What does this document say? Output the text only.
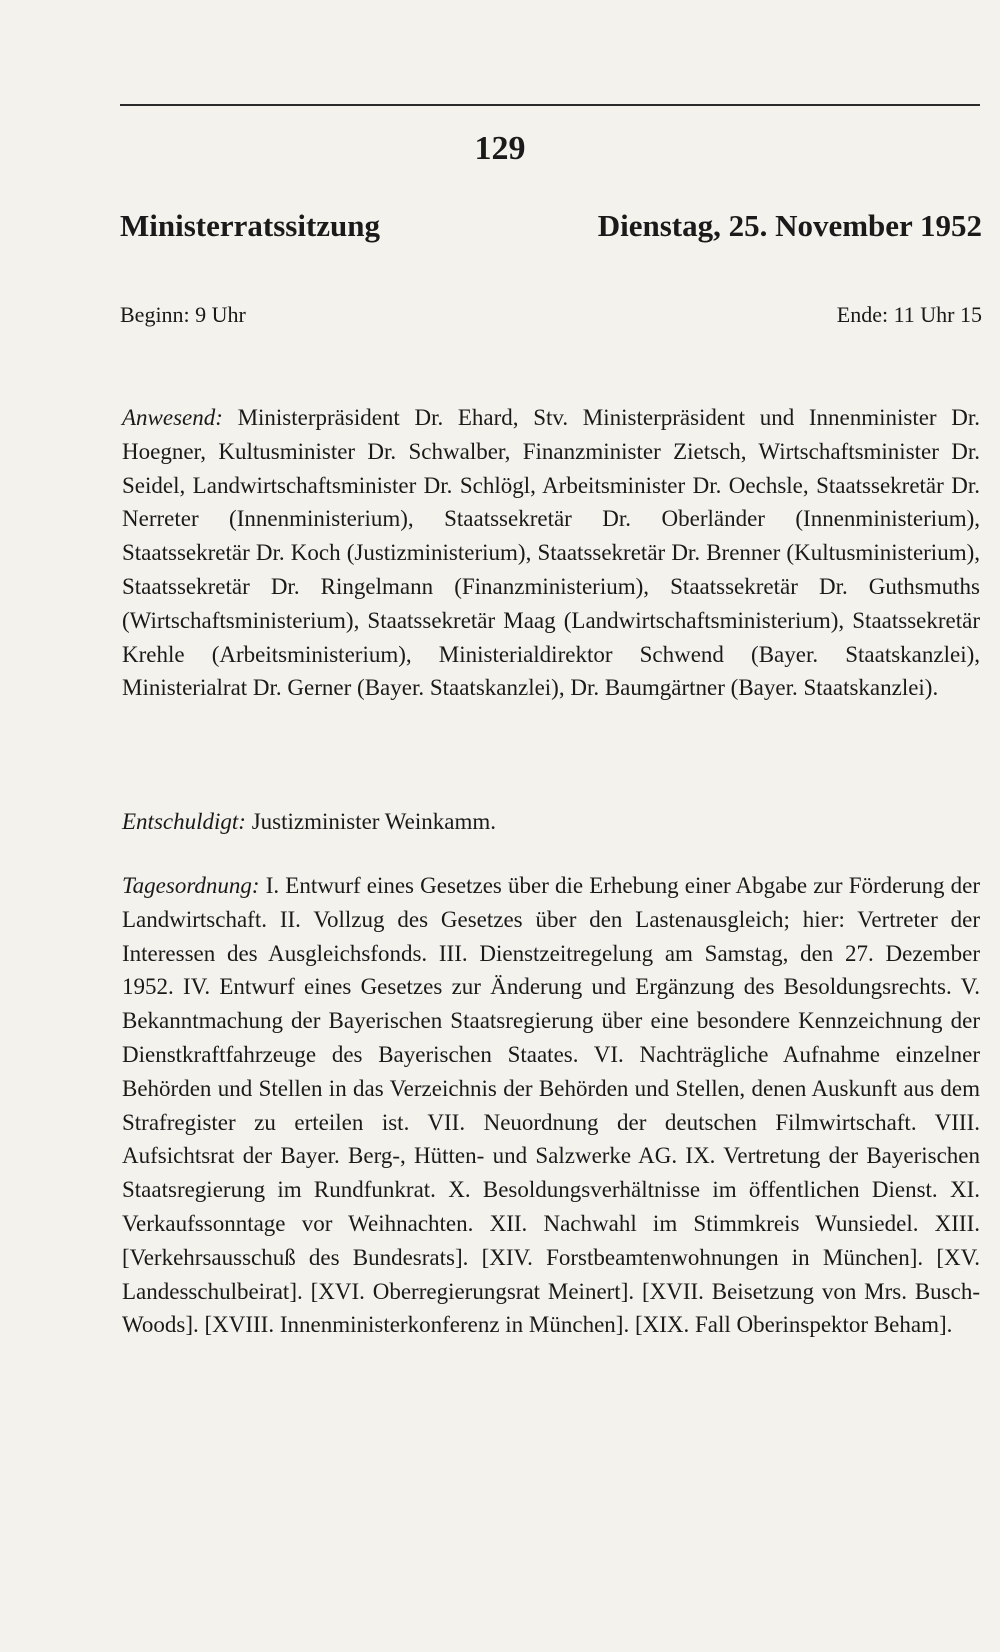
129
Ministerratssitzung	Dienstag, 25. November 1952
Beginn: 9 Uhr	Ende: 11 Uhr 15

Anwesend: Ministerpräsident Dr. Ehard, Stv. Ministerpräsident und Innenminister Dr. Hoegner, Kultusminister Dr. Schwalber, Finanzminister Zietsch, Wirtschaftsminister Dr. Seidel, Landwirtschaftsminister Dr. Schlögl, Arbeitsminister Dr. Oechsle, Staatssekretär Dr. Nerreter (Innenministerium), Staatssekretär Dr. Oberländer (Innenministerium), Staatssekretär Dr. Koch (Justizministerium), Staatssekretär Dr. Brenner (Kultusministerium), Staatssekretär Dr. Ringelmann (Finanzministerium), Staatssekretär Dr. Guthsmuths (Wirtschaftsministerium), Staatssekretär Maag (Landwirtschaftsministerium), Staatssekretär Krehle (Arbeitsministerium), Ministerialdirektor Schwend (Bayer. Staatskanzlei), Ministerialrat Dr. Gerner (Bayer. Staatskanzlei), Dr. Baumgärtner (Bayer. Staatskanzlei).

Entschuldigt: Justizminister Weinkamm.

Tagesordnung: I. Entwurf eines Gesetzes über die Erhebung einer Abgabe zur Förderung der Landwirtschaft. II. Vollzug des Gesetzes über den Lastenausgleich; hier: Vertreter der Interessen des Ausgleichsfonds. III. Dienstzeitregelung am Samstag, den 27. Dezember 1952. IV. Entwurf eines Gesetzes zur Änderung und Ergänzung des Besoldungsrechts. V. Bekanntmachung der Bayerischen Staatsregierung über eine besondere Kennzeichnung der Dienstkraftfahrzeuge des Bayerischen Staates. VI. Nachträgliche Aufnahme einzelner Behörden und Stellen in das Verzeichnis der Behörden und Stellen, denen Auskunft aus dem Strafregister zu erteilen ist. VII. Neuordnung der deutschen Filmwirtschaft. VIII. Aufsichtsrat der Bayer. Berg-, Hütten- und Salzwerke AG. IX. Vertretung der Bayerischen Staatsregierung im Rundfunkrat. X. Besoldungsverhältnisse im öffentlichen Dienst. XI. Verkaufssonntage vor Weihnachten. XII. Nachwahl im Stimmkreis Wunsiedel. XIII. [Verkehrsausschuß des Bundesrats]. [XIV. Forstbeamtenwohnungen in München]. [XV. Landesschulbeirat]. [XVI. Oberregierungsrat Meinert]. [XVII. Beisetzung von Mrs. Busch-Woods]. [XVIII. Innenministerkonferenz in München]. [XIX. Fall Oberinspektor Beham].
